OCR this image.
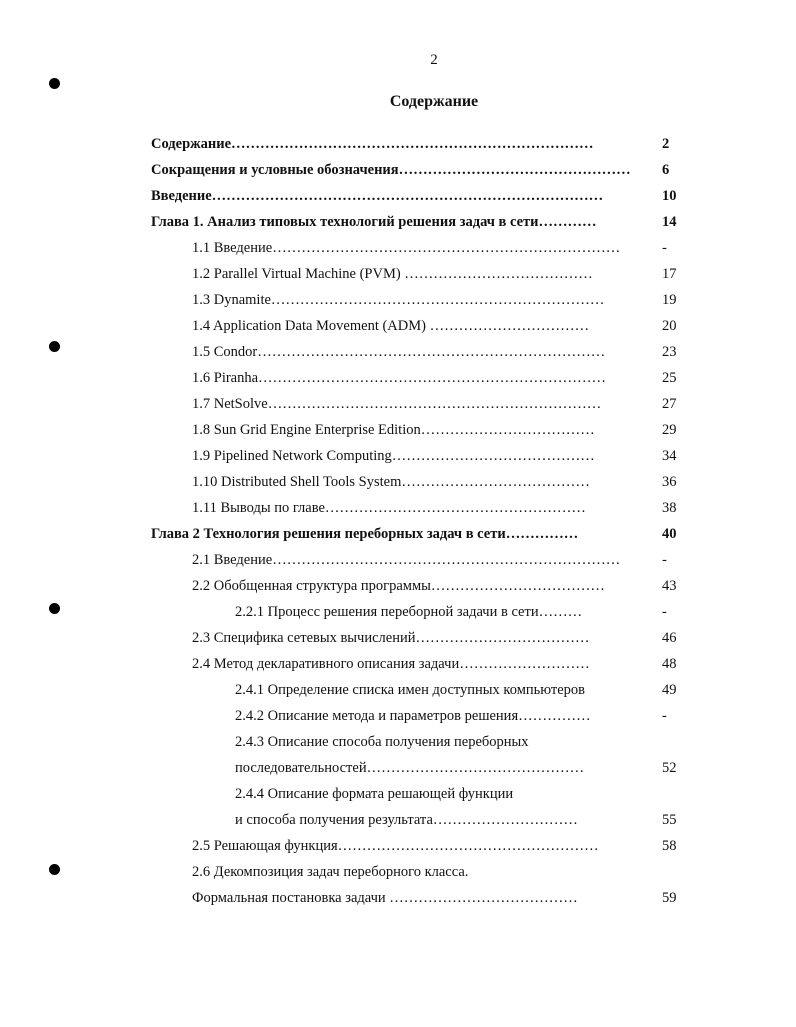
2
Содержание
Содержание…………………………………………………………………	2
Сокращения и условные обозначения………………………………………… 6
Введение………………………………………………………………………	10
Глава 1. Анализ типовых технологий решения задач в сети…………	14
1.1 Введение………………………………………………………………	-
1.2 Parallel Virtual Machine (PVM) …………………………………	17
1.3 Dynamite……………………………………………………………	19
1.4 Application Data Movement (ADM) ……………………………	20
1.5 Condor………………………………………………………………	23
1.6 Piranha………………………………………………………………	25
1.7 NetSolve……………………………………………………………	27
1.8 Sun Grid Engine Enterprise Edition………………………………	29
1.9 Pipelined Network Computing……………………………………	34
1.10 Distributed Shell Tools System…………………………………	36
1.11 Выводы по главе………………………………………………	38
Глава 2 Технология решения переборных задач в сети……………	40
2.1 Введение………………………………………………………………	-
2.2 Обобщенная структура программы………………………………	43
2.2.1 Процесс решения переборной задачи в сети………	-
2.3 Специфика сетевых вычислений………………………………	46
2.4 Метод декларативного описания задачи………………………	48
2.4.1 Определение списка имен доступных компьютеров	49
2.4.2 Описание метода и параметров решения……………	-
2.4.3 Описание способа получения переборных
последовательностей………………………………………	52
2.4.4 Описание формата решающей функции
и способа получения результата…………………………	55
2.5 Решающая функция………………………………………………	58
2.6 Декомпозиция задач переборного класса.
Формальная постановка задачи …………………………………	59
